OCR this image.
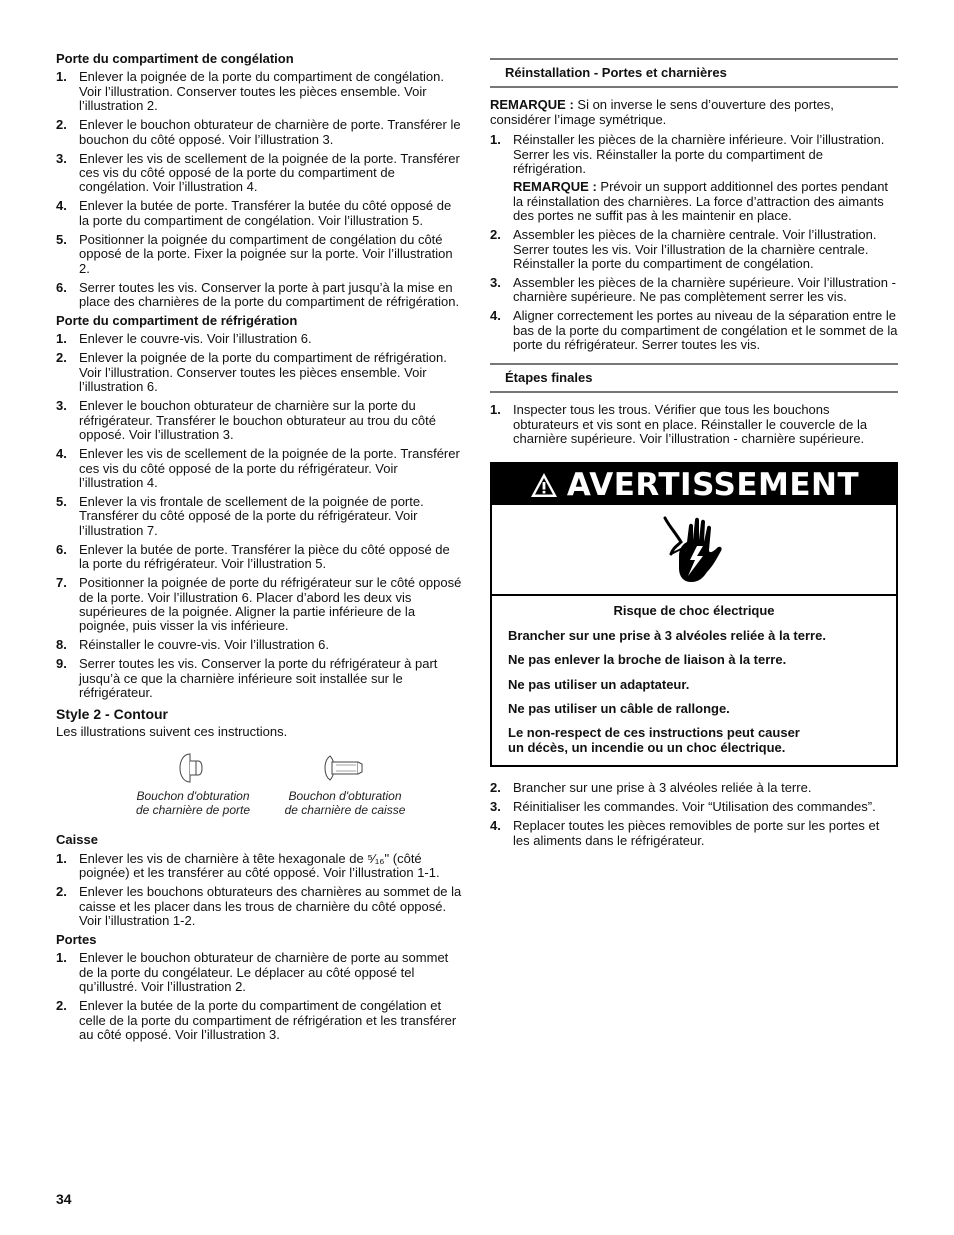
Porte du compartiment de congélation
1. Enlever la poignée de la porte du compartiment de congélation. Voir l’illustration. Conserver toutes les pièces ensemble. Voir l’illustration 2.
2. Enlever le bouchon obturateur de charnière de porte. Transférer le bouchon du côté opposé. Voir l’illustration 3.
3. Enlever les vis de scellement de la poignée de la porte. Transférer ces vis du côté opposé de la porte du compartiment de congélation. Voir l’illustration 4.
4. Enlever la butée de porte. Transférer la butée du côté opposé de la porte du compartiment de congélation. Voir l’illustration 5.
5. Positionner la poignée du compartiment de congélation du côté opposé de la porte. Fixer la poignée sur la porte. Voir l’illustration 2.
6. Serrer toutes les vis. Conserver la porte à part jusqu’à la mise en place des charnières de la porte du compartiment de réfrigération.
Porte du compartiment de réfrigération
1. Enlever le couvre-vis. Voir l’illustration 6.
2. Enlever la poignée de la porte du compartiment de réfrigération. Voir l’illustration. Conserver toutes les pièces ensemble. Voir l’illustration 6.
3. Enlever le bouchon obturateur de charnière sur la porte du réfrigérateur. Transférer le bouchon obturateur au trou du côté opposé. Voir l’illustration 3.
4. Enlever les vis de scellement de la poignée de la porte. Transférer ces vis du côté opposé de la porte du réfrigérateur. Voir l’illustration 4.
5. Enlever la vis frontale de scellement de la poignée de porte. Transférer du côté opposé de la porte du réfrigérateur. Voir l’illustration 7.
6. Enlever la butée de porte. Transférer la pièce du côté opposé de la porte du réfrigérateur. Voir l’illustration 5.
7. Positionner la poignée de porte du réfrigérateur sur le côté opposé de la porte. Voir l’illustration 6. Placer d’abord les deux vis supérieures de la poignée. Aligner la partie inférieure de la poignée, puis visser la vis inférieure.
8. Réinstaller le couvre-vis. Voir l’illustration 6.
9. Serrer toutes les vis. Conserver la porte du réfrigérateur à part jusqu’à ce que la charnière inférieure soit installée sur le réfrigérateur.
Style 2 - Contour
Les illustrations suivent ces instructions.
Bouchon d'obturation
de charnière de porte
Bouchon d'obturation
de charnière de caisse
Caisse
1. Enlever les vis de charnière à tête hexagonale de ⁵⁄₁₆" (côté poignée) et les transférer au côté opposé. Voir l’illustration 1-1.
2. Enlever les bouchons obturateurs des charnières au sommet de la caisse et les placer dans les trous de charnière du côté opposé. Voir l’illustration 1-2.
Portes
1. Enlever le bouchon obturateur de charnière de porte au sommet de la porte du congélateur. Le déplacer au côté opposé tel qu’illustré. Voir l’illustration 2.
2. Enlever la butée de la porte du compartiment de congélation et celle de la porte du compartiment de réfrigération et les transférer au côté opposé. Voir l’illustration 3.
Réinstallation - Portes et charnières
REMARQUE : Si on inverse le sens d’ouverture des portes, considérer l’image symétrique.
1. Réinstaller les pièces de la charnière inférieure. Voir l’illustration. Serrer les vis. Réinstaller la porte du compartiment de réfrigération.
REMARQUE : Prévoir un support additionnel des portes pendant la réinstallation des charnières. La force d’attraction des aimants des portes ne suffit pas à les maintenir en place.
2. Assembler les pièces de la charnière centrale. Voir l’illustration. Serrer toutes les vis. Voir l’illustration de la charnière centrale. Réinstaller la porte du compartiment de congélation.
3. Assembler les pièces de la charnière supérieure. Voir l’illustration - charnière supérieure. Ne pas complètement serrer les vis.
4. Aligner correctement les portes au niveau de la séparation entre le bas de la porte du compartiment de congélation et le sommet de la porte du réfrigérateur. Serrer toutes les vis.
Étapes finales
1. Inspecter tous les trous. Vérifier que tous les bouchons obturateurs et vis sont en place. Réinstaller le couvercle de la charnière supérieure. Voir l’illustration - charnière supérieure.
AVERTISSEMENT
Risque de choc électrique

Brancher sur une prise à 3 alvéoles reliée à la terre.

Ne pas enlever la broche de liaison à la terre.

Ne pas utiliser un adaptateur.

Ne pas utiliser un câble de rallonge.

Le non-respect de ces instructions peut causer
un décès, un incendie ou un choc électrique.

2. Brancher sur une prise à 3 alvéoles reliée à la terre.
3. Réinitialiser les commandes. Voir “Utilisation des commandes”.
4. Replacer toutes les pièces removibles de porte sur les portes et les aliments dans le réfrigérateur.
34
